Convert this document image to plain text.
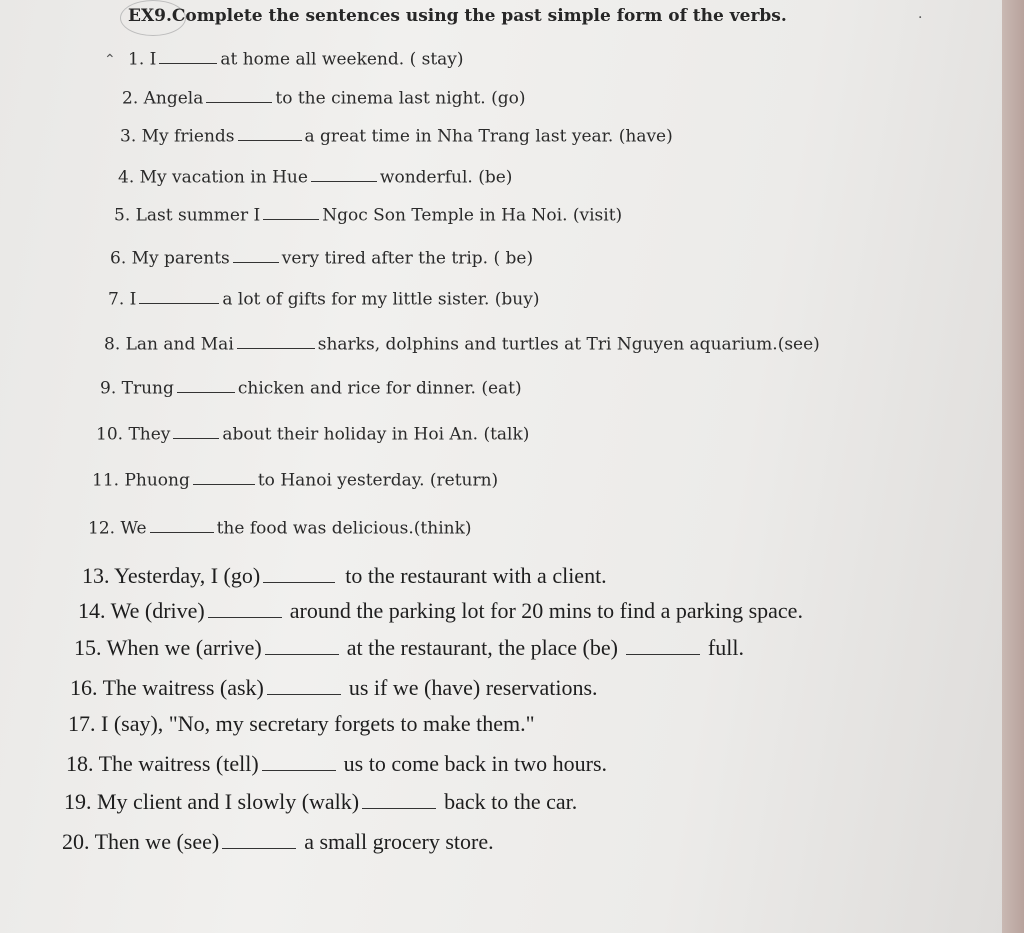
EX9.Complete the sentences using the past simple form of the verbs.
⌃
·
1. I	at home all weekend. ( stay)
2. Angela	to the cinema last night. (go)
3. My friends	a great time in Nha Trang last year. (have)
4. My vacation in Hue	wonderful. (be)
5. Last summer I	Ngoc Son Temple in Ha Noi. (visit)
6. My parents	very tired after the trip. ( be)
7. I	a lot of gifts for my little sister. (buy)
8. Lan and Mai	sharks, dolphins and turtles at Tri Nguyen aquarium.(see)
9. Trung	chicken and rice for dinner. (eat)
10. They	about their holiday in Hoi An. (talk)
11. Phuong	to Hanoi yesterday. (return)
12. We	the food was delicious.(think)
13. Yesterday, I (go)	to the restaurant with a client.
14. We (drive)	around the parking lot for 20 mins to find a parking space.
15. When we (arrive)	at the restaurant, the place (be)	full.
16. The waitress (ask)	us if we (have) reservations.
17. I (say), "No, my secretary forgets to make them."
18. The waitress (tell)	us to come back in two hours.
19. My client and I slowly (walk)	back to the car.
20. Then we (see)	a small grocery store.
